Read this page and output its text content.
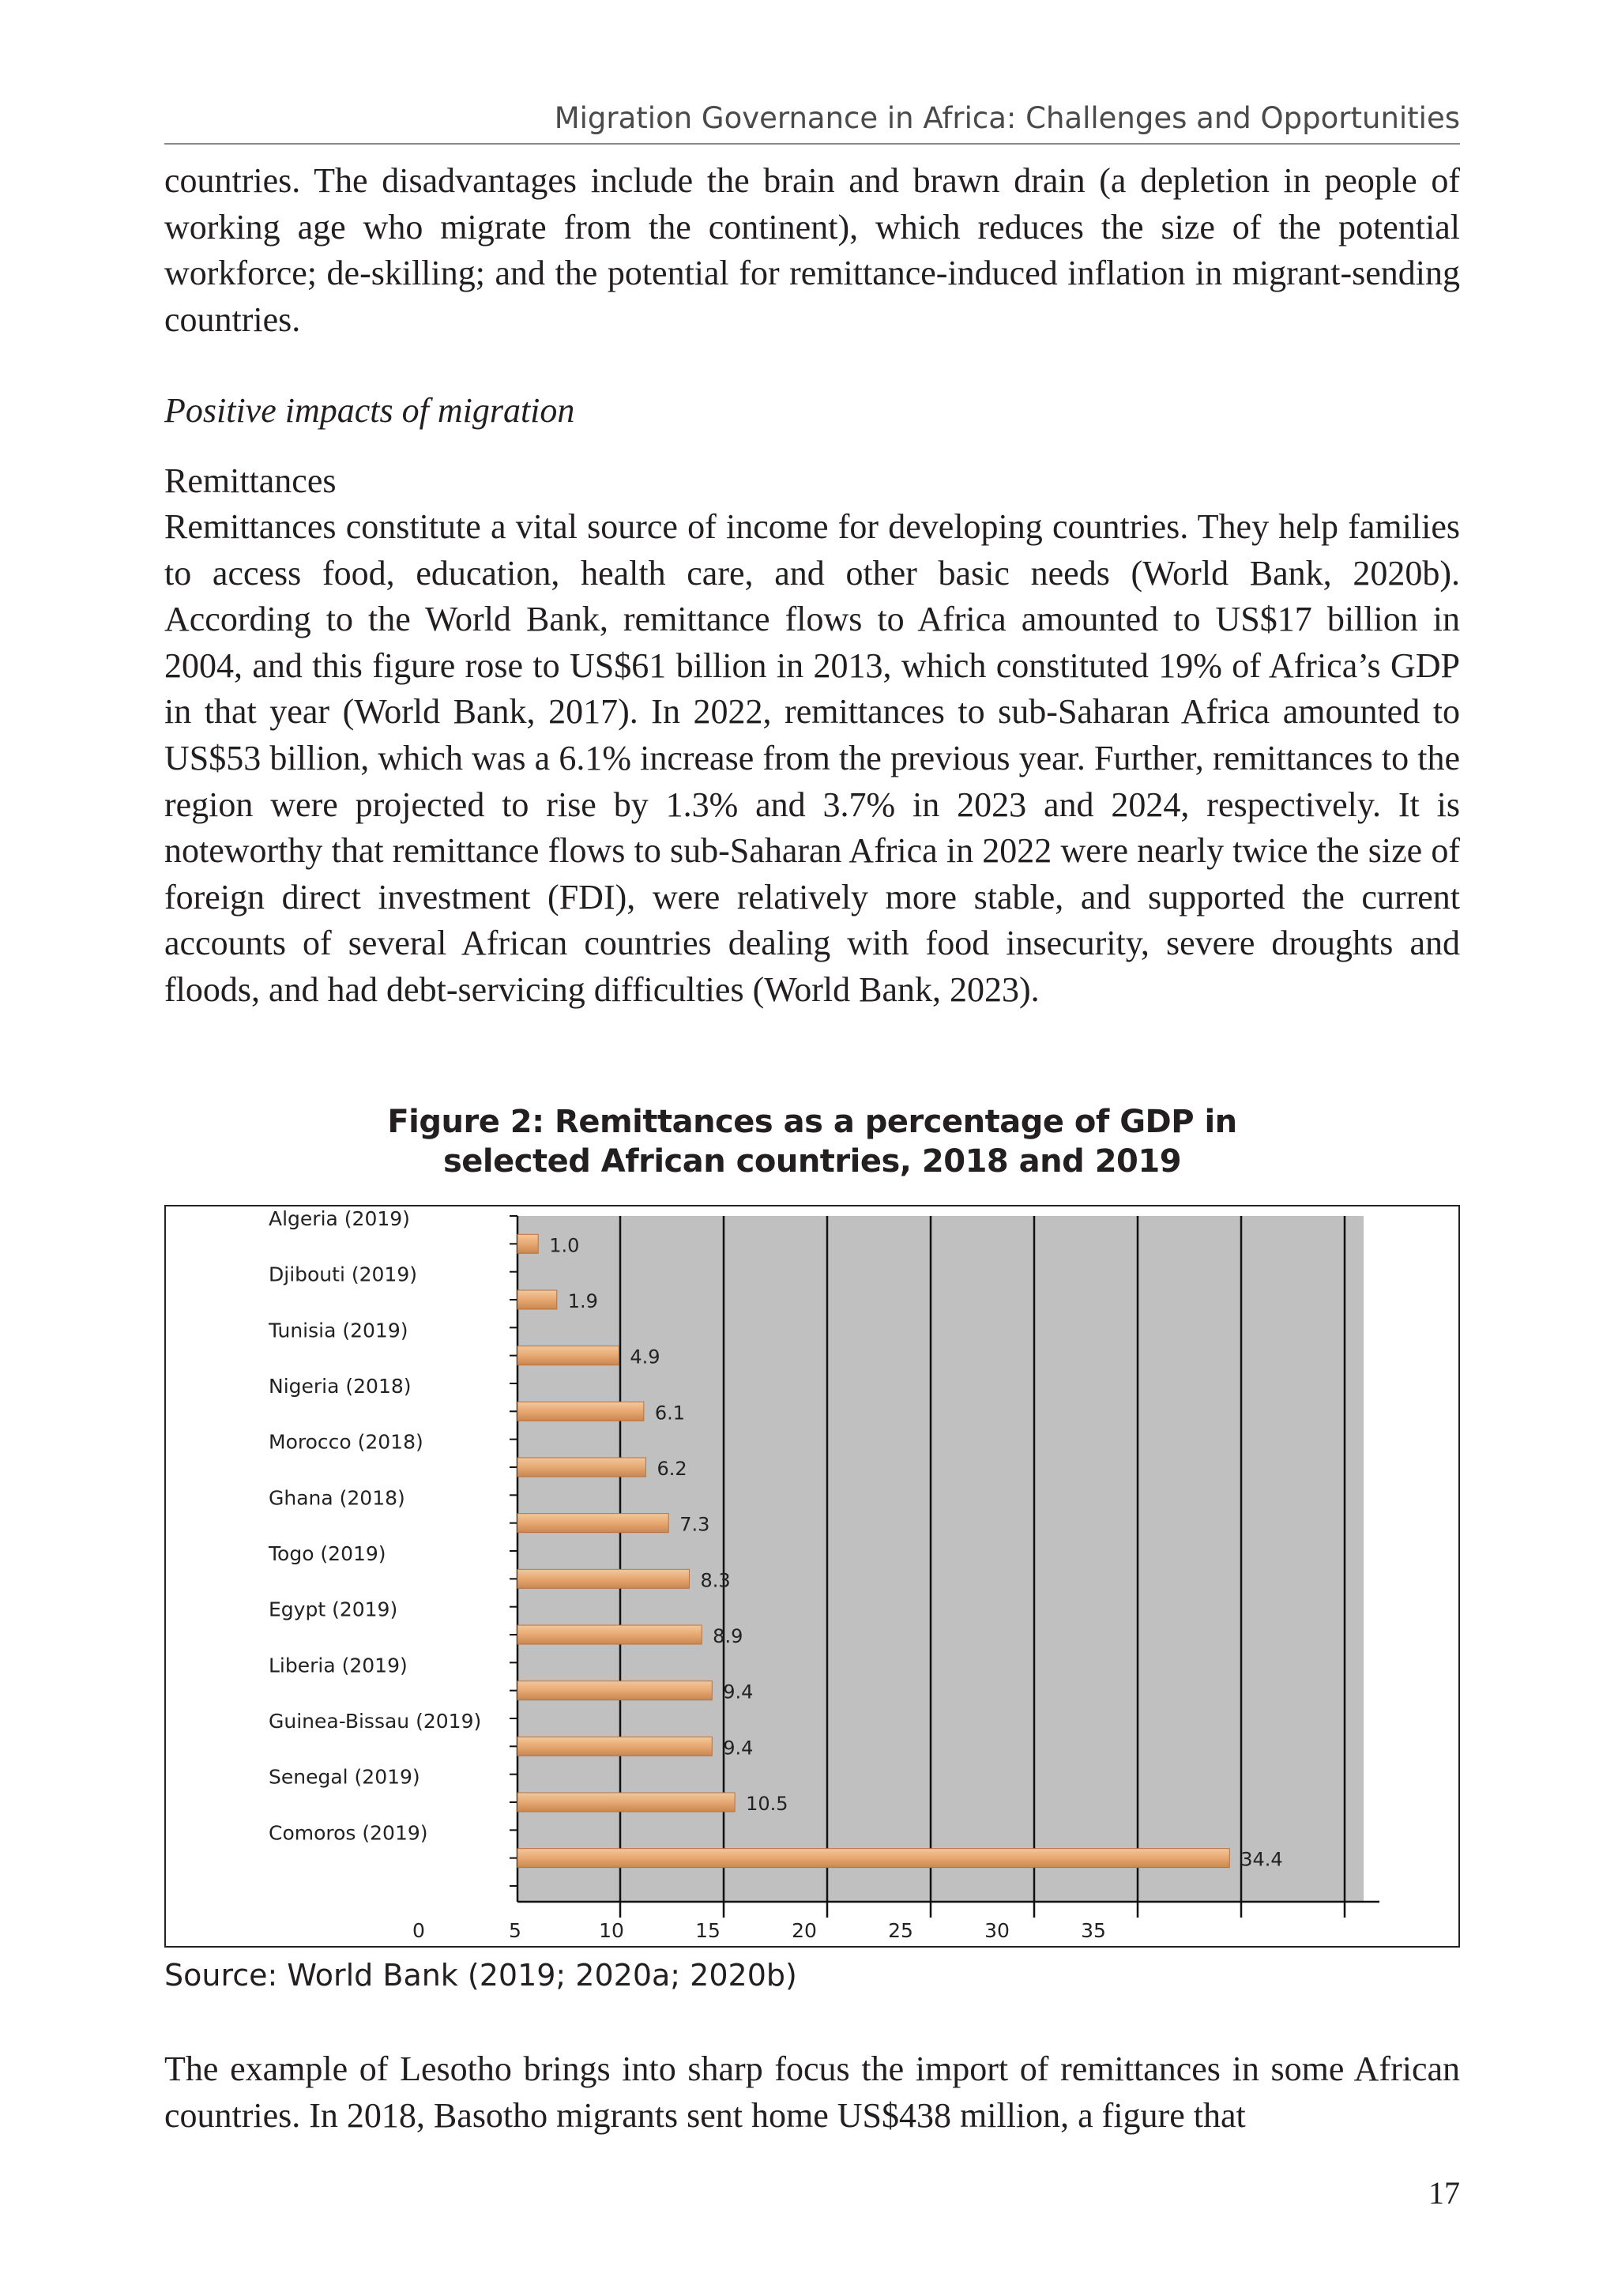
Migration Governance in Africa: Challenges and Opportunities

countries. The disadvantages include the brain and brawn drain (a depletion in people of working age who migrate from the continent), which reduces the size of the potential workforce; de-skilling; and the potential for remittance-induced inflation in migrant-sending countries.

Positive impacts of migration

Remittances

Remittances constitute a vital source of income for developing countries. They help families to access food, education, health care, and other basic needs (World Bank, 2020b). According to the World Bank, remittance flows to Africa amounted to US$17 billion in 2004, and this figure rose to US$61 billion in 2013, which constituted 19% of Africa’s GDP in that year (World Bank, 2017). In 2022, remittances to sub-Saharan Africa amounted to US$53 billion, which was a 6.1% increase from the previous year. Further, remittances to the region were projected to rise by 1.3% and 3.7% in 2023 and 2024, respectively. It is noteworthy that remittance flows to sub-Saharan Africa in 2022 were nearly twice the size of foreign direct investment (FDI), were relatively more stable, and supported the current accounts of several African countries dealing with food insecurity, severe droughts and floods, and had debt-servicing difficulties (World Bank, 2023).

Figure 2: Remittances as a percentage of GDP in
selected African countries, 2018 and 2019
1.0
Algeria (2019)
1.9
Djibouti (2019)
4.9
Tunisia (2019)
6.1
Nigeria (2018)
6.2
Morocco (2018)
7.3
Ghana (2018)
8.3
Togo (2019)
8.9
Egypt (2019)
9.4
Liberia (2019)
9.4
Guinea-Bissau (2019)
10.5
Senegal (2019)
34.4
Comoros (2019)
0	5	10	15	20	25	30	35
Source: World Bank (2019; 2020a; 2020b)

The example of Lesotho brings into sharp focus the import of remittances in some African countries. In 2018, Basotho migrants sent home US$438 million, a figure that

17
